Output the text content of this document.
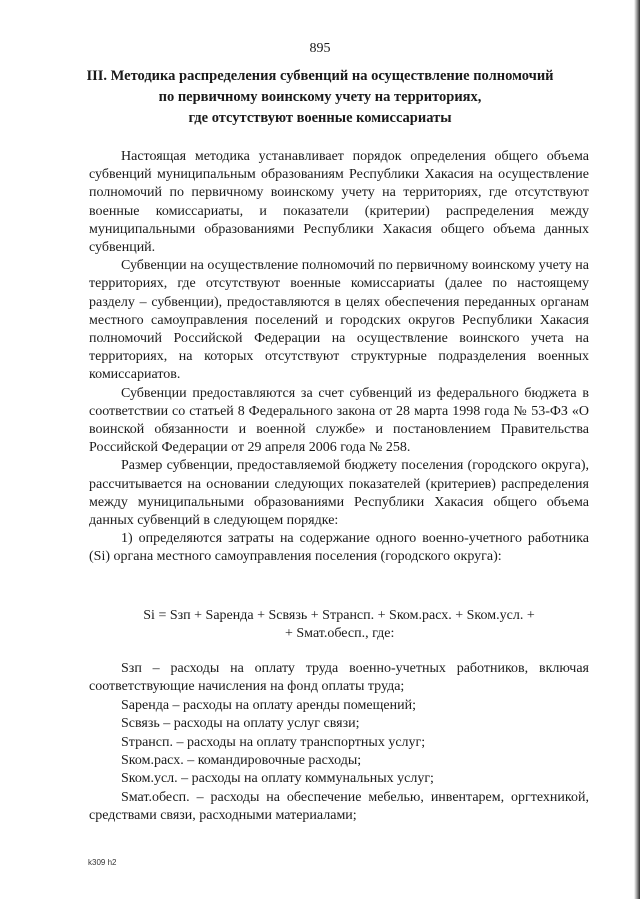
895
III. Методика распределения субвенций на осуществление полномочий
по первичному воинскому учету на территориях,
где отсутствуют военные комиссариаты

Настоящая методика устанавливает порядок определения общего объема субвенций муниципальным образованиям Республики Хакасия на осуществление полномочий по первичному воинскому учету на территориях, где отсутствуют военные комиссариаты, и показатели (критерии) распределения между муниципальными образованиями Республики Хакасия общего объема данных субвенций.

Субвенции на осуществление полномочий по первичному воинскому учету на территориях, где отсутствуют военные комиссариаты (далее по настоящему разделу – субвенции), предоставляются в целях обеспечения переданных органам местного самоуправления поселений и городских округов Республики Хакасия полномочий Российской Федерации на осуществление воинского учета на территориях, на которых отсутствуют структурные подразделения военных комиссариатов.

Субвенции предоставляются за счет субвенций из федерального бюджета в соответствии со статьей 8 Федерального закона от 28 марта 1998 года № 53-ФЗ «О воинской обязанности и военной службе» и постановлением Правительства Российской Федерации от 29 апреля 2006 года № 258.

Размер субвенции, предоставляемой бюджету поселения (городского округа), рассчитывается на основании следующих показателей (критериев) распределения между муниципальными образованиями Республики Хакасия общего объема данных субвенций в следующем порядке:

1) определяются затраты на содержание одного военно-учетного работника (Si) органа местного самоуправления поселения (городского округа):

Si = Sзп + Sаренда + Sсвязь + Sтрансп. + Sком.расх. + Sком.усл. +
+ Sмат.обесп., где:

Sзп – расходы на оплату труда военно-учетных работников, включая соответствующие начисления на фонд оплаты труда;

Sаренда – расходы на оплату аренды помещений;

Sсвязь – расходы на оплату услуг связи;

Sтрансп. – расходы на оплату транспортных услуг;

Sком.расх. – командировочные расходы;

Sком.усл. – расходы на оплату коммунальных услуг;

Sмат.обесп. – расходы на обеспечение мебелью, инвентарем, оргтехникой, средствами связи, расходными материалами;

k309 h2
